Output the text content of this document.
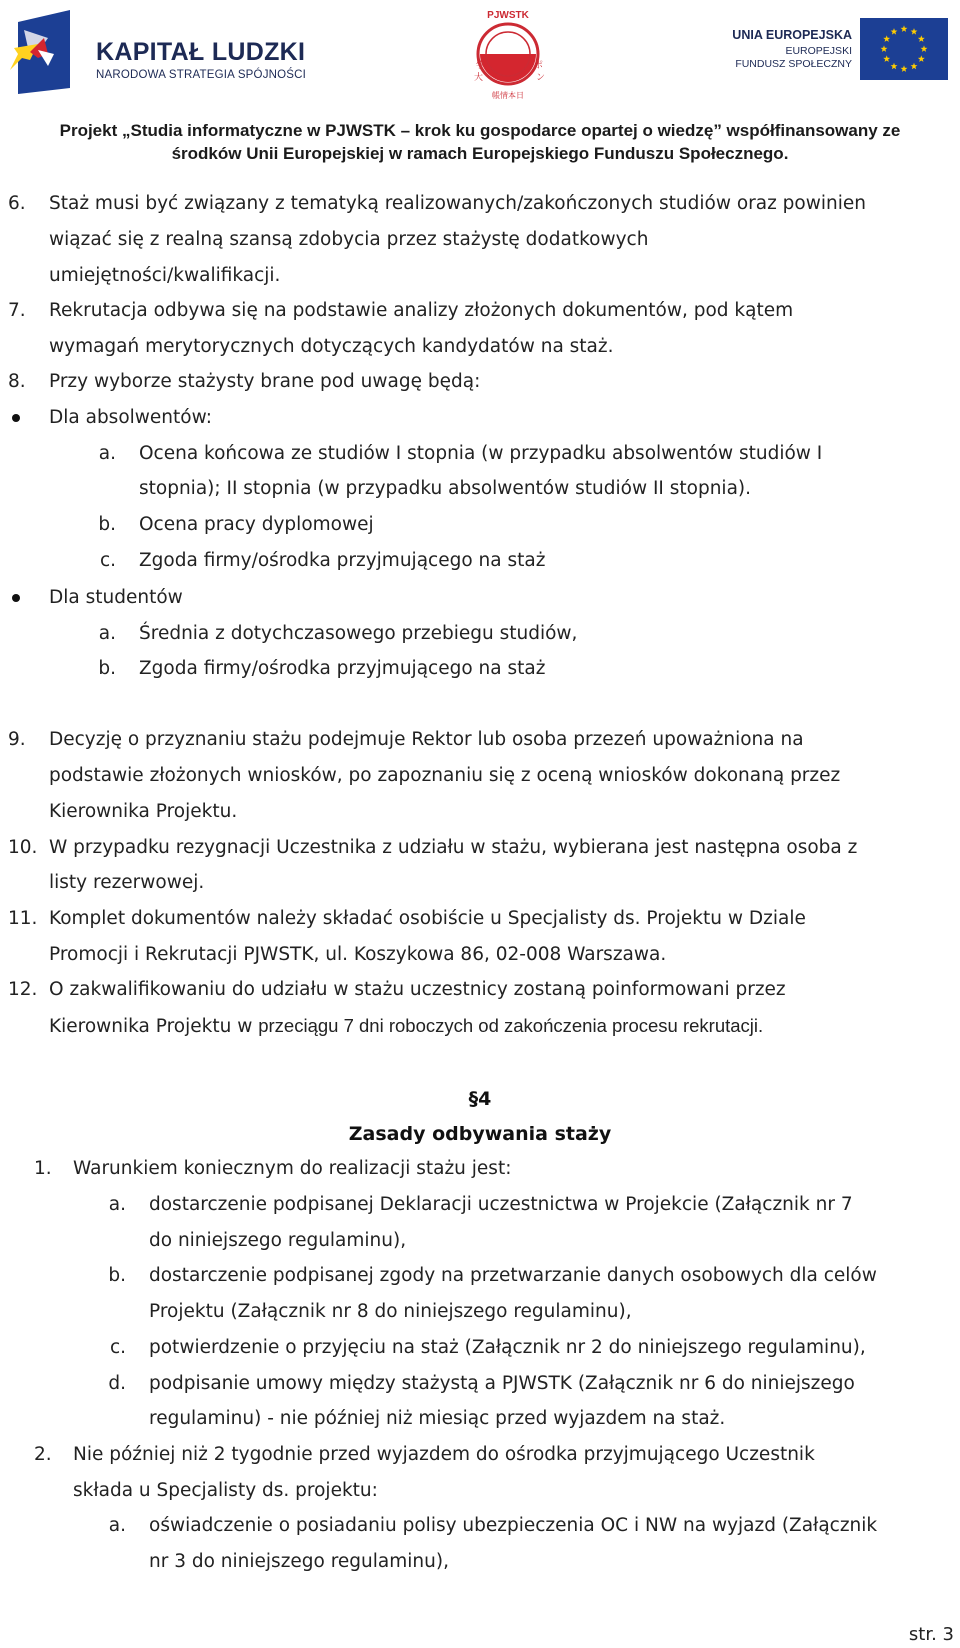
KAPITAŁ LUDZKI
NARODOWA STRATEGIA SPÓJNOŚCI
PJWSTK
学
大
ポ
ン
帳情本日
UNIA EUROPEJSKA
EUROPEJSKI
FUNDUSZ SPOŁECZNY
Projekt „Studia informatyczne w PJWSTK – krok ku gospodarce opartej o wiedzę” współfinansowany ze
środków Unii Europejskiej w ramach Europejskiego Funduszu Społecznego.
6. Staż musi być związany z tematyką realizowanych/zakończonych studiów oraz powinien
wiązać się z realną szansą zdobycia przez stażystę dodatkowych
umiejętności/kwalifikacji.
7. Rekrutacja odbywa się na podstawie analizy złożonych dokumentów, pod kątem
wymagań merytorycznych dotyczących kandydatów na staż.
8. Przy wyborze stażysty brane pod uwagę będą:
Dla absolwentów:
a. Ocena końcowa ze studiów I stopnia (w przypadku absolwentów studiów I
stopnia); II stopnia (w przypadku absolwentów studiów II stopnia).
b. Ocena pracy dyplomowej
c. Zgoda firmy/ośrodka przyjmującego na staż
Dla studentów
a. Średnia z dotychczasowego przebiegu studiów,
b. Zgoda firmy/ośrodka przyjmującego na staż
9. Decyzję o przyznaniu stażu podejmuje Rektor lub osoba przezeń upoważniona na
podstawie złożonych wniosków, po zapoznaniu się z oceną wniosków dokonaną przez
Kierownika Projektu.
10. W przypadku rezygnacji Uczestnika z udziału w stażu, wybierana jest następna osoba z
listy rezerwowej.
11. Komplet dokumentów należy składać osobiście u Specjalisty ds. Projektu w Dziale
Promocji i Rekrutacji PJWSTK, ul. Koszykowa 86, 02-008 Warszawa.
12. O zakwalifikowaniu do udziału w stażu uczestnicy zostaną poinformowani przez
Kierownika Projektu w przeciągu 7 dni roboczych od zakończenia procesu rekrutacji.
§4
Zasady odbywania staży
1. Warunkiem koniecznym do realizacji stażu jest:
a. dostarczenie podpisanej Deklaracji uczestnictwa w Projekcie (Załącznik nr 7
do niniejszego regulaminu),
b. dostarczenie podpisanej zgody na przetwarzanie danych osobowych dla celów
Projektu (Załącznik nr 8 do niniejszego regulaminu),
c. potwierdzenie o przyjęciu na staż (Załącznik nr 2 do niniejszego regulaminu),
d. podpisanie umowy między stażystą a PJWSTK (Załącznik nr 6 do niniejszego
regulaminu) - nie później niż miesiąc przed wyjazdem na staż.
2. Nie później niż 2 tygodnie przed wyjazdem do ośrodka przyjmującego Uczestnik
składa u Specjalisty ds. projektu:
a. oświadczenie o posiadaniu polisy ubezpieczenia OC i NW na wyjazd (Załącznik
nr 3 do niniejszego regulaminu),
str. 3
